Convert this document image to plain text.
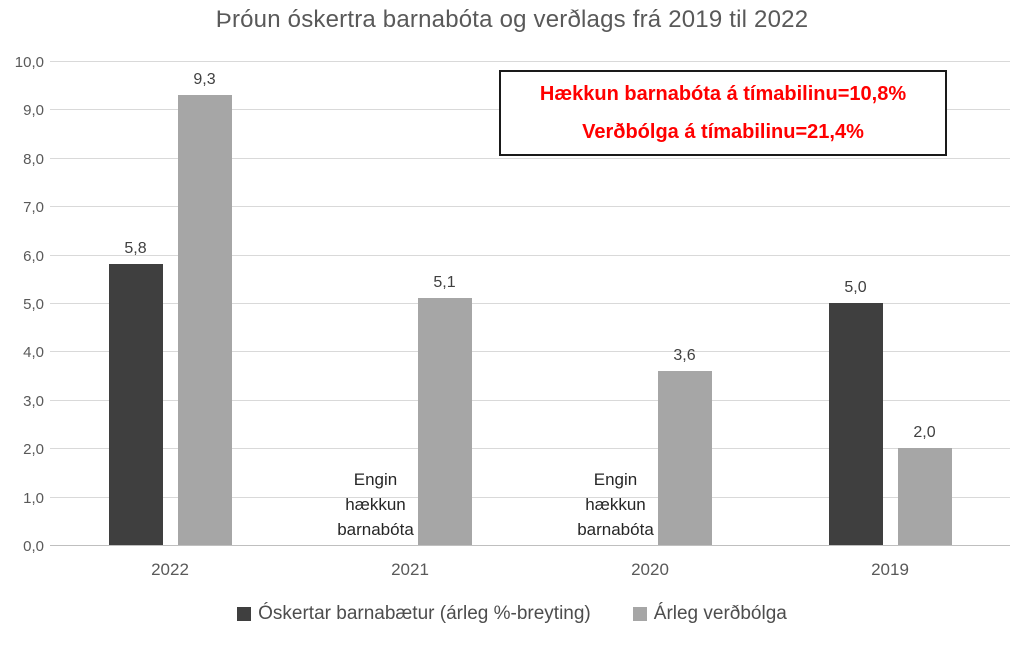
Þróun óskertra barnabóta og verðlags frá 2019 til 2022
0,0
1,0
2,0
3,0
4,0
5,0
6,0
7,0
8,0
9,0
10,0
5,8
9,3
Engin
hækkun
barnabóta
5,1
Engin
hækkun
barnabóta
3,6
5,0
2,0
2022	2021	2020	2019
Óskertar barnabætur (árleg %-breyting)	Árleg verðbólga
Hækkun barnabóta á tímabilinu=10,8%
Verðbólga á tímabilinu=21,4%
